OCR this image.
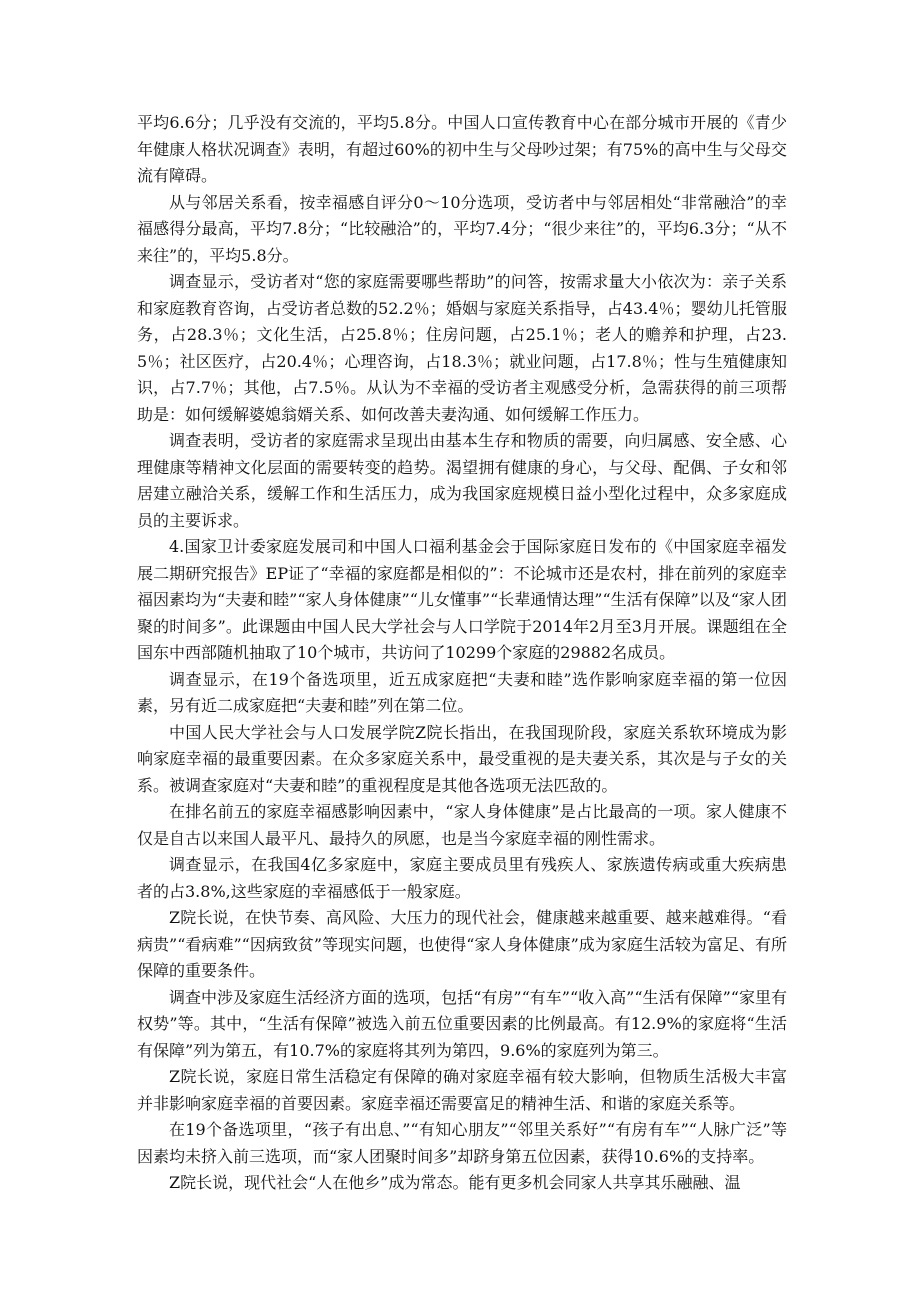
平均6.6分；几乎没有交流的，平均5.8分。中国人口宣传教育中心在部分城市开展的《青少年健康人格状况调查》表明，有超过60%的初中生与父母吵过架；有75%的高中生与父母交流有障碍。

从与邻居关系看，按幸福感自评分0～10分选项，受访者中与邻居相处“非常融洽”的幸福感得分最高，平均7.8分；“比较融洽”的，平均7.4分；“很少来往”的，平均6.3分；“从不来往”的，平均5.8分。

调查显示，受访者对“您的家庭需要哪些帮助”的问答，按需求量大小依次为：亲子关系和家庭教育咨询，占受访者总数的52.2％；婚姻与家庭关系指导，占43.4％；婴幼儿托管服务，占28.3％；文化生活，占25.8％；住房问题，占25.1％；老人的赡养和护理，占23.5％；社区医疗，占20.4％；心理咨询，占18.3％；就业问题，占17.8％；性与生殖健康知识，占7.7％；其他，占7.5％。从认为不幸福的受访者主观感受分析，急需获得的前三项帮助是：如何缓解婆媳翁婿关系、如何改善夫妻沟通、如何缓解工作压力。

调查表明，受访者的家庭需求呈现出由基本生存和物质的需要，向归属感、安全感、心理健康等精神文化层面的需要转变的趋势。渴望拥有健康的身心，与父母、配偶、子女和邻居建立融洽关系，缓解工作和生活压力，成为我国家庭规模日益小型化过程中，众多家庭成员的主要诉求。

4.国家卫计委家庭发展司和中国人口福利基金会于国际家庭日发布的《中国家庭幸福发展二期研究报告》EP证了“幸福的家庭都是相似的”：不论城市还是农村，排在前列的家庭幸福因素均为“夫妻和睦”“家人身体健康”“儿女懂事”“长辈通情达理”“生活有保障”以及“家人团聚的时间多”。此课题由中国人民大学社会与人口学院于2014年2月至3月开展。课题组在全国东中西部随机抽取了10个城市，共访问了10299个家庭的29882名成员。

调查显示，在19个备选项里，近五成家庭把“夫妻和睦”选作影响家庭幸福的第一位因素，另有近二成家庭把“夫妻和睦”列在第二位。

中国人民大学社会与人口发展学院Z院长指出，在我国现阶段，家庭关系软环境成为影响家庭幸福的最重要因素。在众多家庭关系中，最受重视的是夫妻关系，其次是与子女的关系。被调查家庭对“夫妻和睦”的重视程度是其他各选项无法匹敌的。

在排名前五的家庭幸福感影响因素中，“家人身体健康”是占比最高的一项。家人健康不仅是自古以来国人最平凡、最持久的夙愿，也是当今家庭幸福的刚性需求。

调查显示，在我国4亿多家庭中，家庭主要成员里有残疾人、家族遗传病或重大疾病患者的占3.8%,这些家庭的幸福感低于一般家庭。

Z院长说，在快节奏、高风险、大压力的现代社会，健康越来越重要、越来越难得。“看病贵”“看病难”“因病致贫”等现实问题，也使得“家人身体健康”成为家庭生活较为富足、有所保障的重要条件。

调查中涉及家庭生活经济方面的选项，包括“有房”“有车”“收入高”“生活有保障”“家里有权势”等。其中，“生活有保障”被选入前五位重要因素的比例最高。有12.9%的家庭将“生活有保障”列为第五，有10.7%的家庭将其列为第四，9.6%的家庭列为第三。

Z院长说，家庭日常生活稳定有保障的确对家庭幸福有较大影响，但物质生活极大丰富并非影响家庭幸福的首要因素。家庭幸福还需要富足的精神生活、和谐的家庭关系等。

在19个备选项里，“孩子有出息、”“有知心朋友”“邻里关系好”“有房有车”“人脉广泛”等因素均未挤入前三选项，而“家人团聚时间多”却跻身第五位因素，获得10.6%的支持率。

Z院长说，现代社会“人在他乡”成为常态。能有更多机会同家人共享其乐融融、温
